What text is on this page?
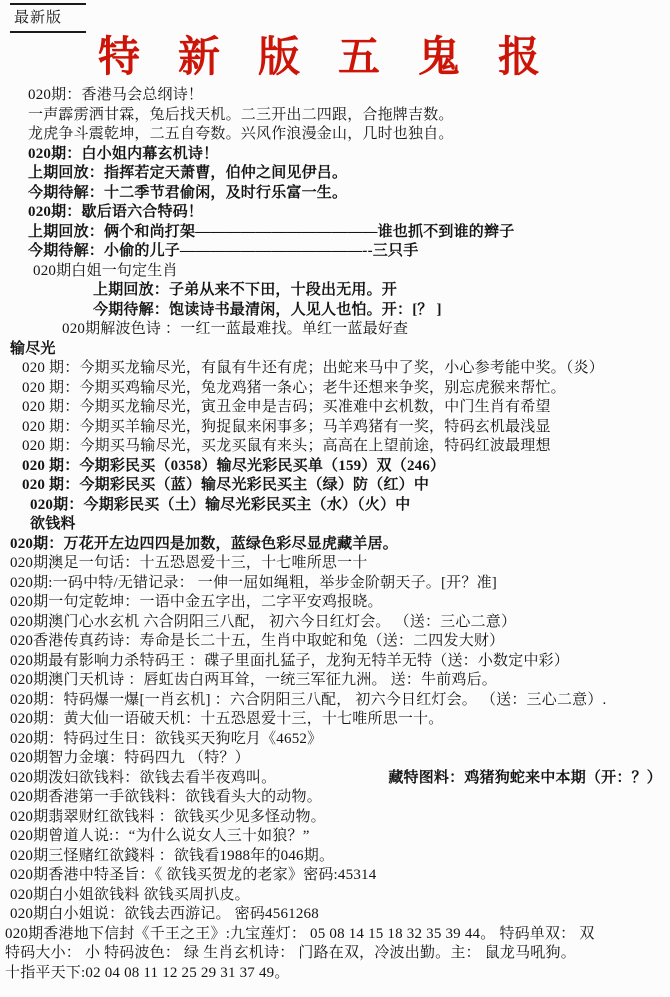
最新版
特新版五鬼报
020期：香港马会总纲诗！
一声霹雳洒甘霖，兔后找天机。二三开出二四跟，合拖牌吉数。
龙虎争斗震乾坤，二五自夸数。兴风作浪漫金山，几时也独自。
020期：白小姐内幕玄机诗！
上期回放：指挥若定天萧曹，伯仲之间见伊吕。
今期待解：十二季节君偷闲，及时行乐富一生。
020期：歇后语六合特码！
上期回放：俩个和尚打架————————————谁也抓不到谁的辫子
今期待解：小偷的儿子————————————--三只手
020期白姐一句定生肖
上期回放：子弟从来不下田，十段出无用。开
今期待解：饱读诗书最清闲，人见人也怕。开：[？ ]
020期解波色诗 ：一红一蓝最难找。单红一蓝最好查
输尽光
020 期：今期买龙输尽光，有鼠有牛还有虎；出蛇来马中了奖，小心参考能中奖。（炎）
020 期：今期买鸡输尽光，兔龙鸡猪一条心；老牛还想来争奖，别忘虎猴来帮忙。
020 期：今期买龙输尽光，寅丑金申是吉码；买准难中玄机数，中门生肖有希望
020 期：今期买羊输尽光，狗捉鼠来闲事多；马羊鸡猪有一奖，特码玄机最浅显
020 期：今期买马输尽光，买龙买鼠有来头；高高在上望前途，特码红波最理想
020 期：今期彩民买（0358）输尽光彩民买单（159）双（246）
020 期：今期彩民买（蓝）输尽光彩民买主（绿）防（红）中
020期：今期彩民买（土）输尽光彩民买主（水）（火）中
欲钱料
020期：万花开左边四四是加数，蓝绿色彩尽显虎藏羊居。
020期澳足一句话：十五恐恩爱十三，十七唯所思一十
020期:一码中特/无错记录： 一伸一屈如绳粗，举步金阶朝天子。[开？准]
020期一句定乾坤：一语中金五字出，二字平安鸡报晓。
020期澳门心水玄机 六合阴阳三八配， 初六今日红灯会。 （送：三心二意）
020香港传真药诗：寿命是长二十五，生肖中取蛇和兔（送：二四发大财）
020期最有影响力杀特码王 ：碟子里面扎猛子，龙狗无特羊无特（送：小数定中彩）
020期澳门天机诗 ：唇虹齿白两耳耸，一统三军征九洲。 送：牛前鸡后。
020期：特码爆一爆[一肖玄机] ：六合阴阳三八配， 初六今日红灯会。 （送：三心二意）.
020期：黄大仙一语破天机：十五恐恩爱十三，十七唯所思一十。
020期：特码过生日：欲钱买天狗吃月《4652》
020期智力金壤：特码四九 （特？）
020期泼妇欲钱料：欲钱去看半夜鸡叫。	藏特图料：鸡猪狗蛇来中本期（开：？）
020期香港第一手欲钱料：欲钱看头大的动物。
020期翡翠财红欲钱料 ：欲钱买少见多怪动物。
020期曾道人说:：“为什么说女人三十如狼？”
020期三怪赌红欲錢料 ：欲钱看1988年的046期。
020期香港中特圣旨：《 欲钱买贺龙的老家》密码:45314
020期白小姐欲钱料 欲钱买周扒皮。
020期白小姐说：欲钱去西游记。 密码4561268
020期香港地下信封《千王之王》:九宝莲灯： 05 08 14 15 18 32 35 39 44。 特码单双： 双
特码大小： 小 特码波色： 绿 生肖玄机诗： 门路在双，冷波出勤。主： 鼠龙马吼狗。
十指平天下:02 04 08 11 12 25 29 31 37 49。
